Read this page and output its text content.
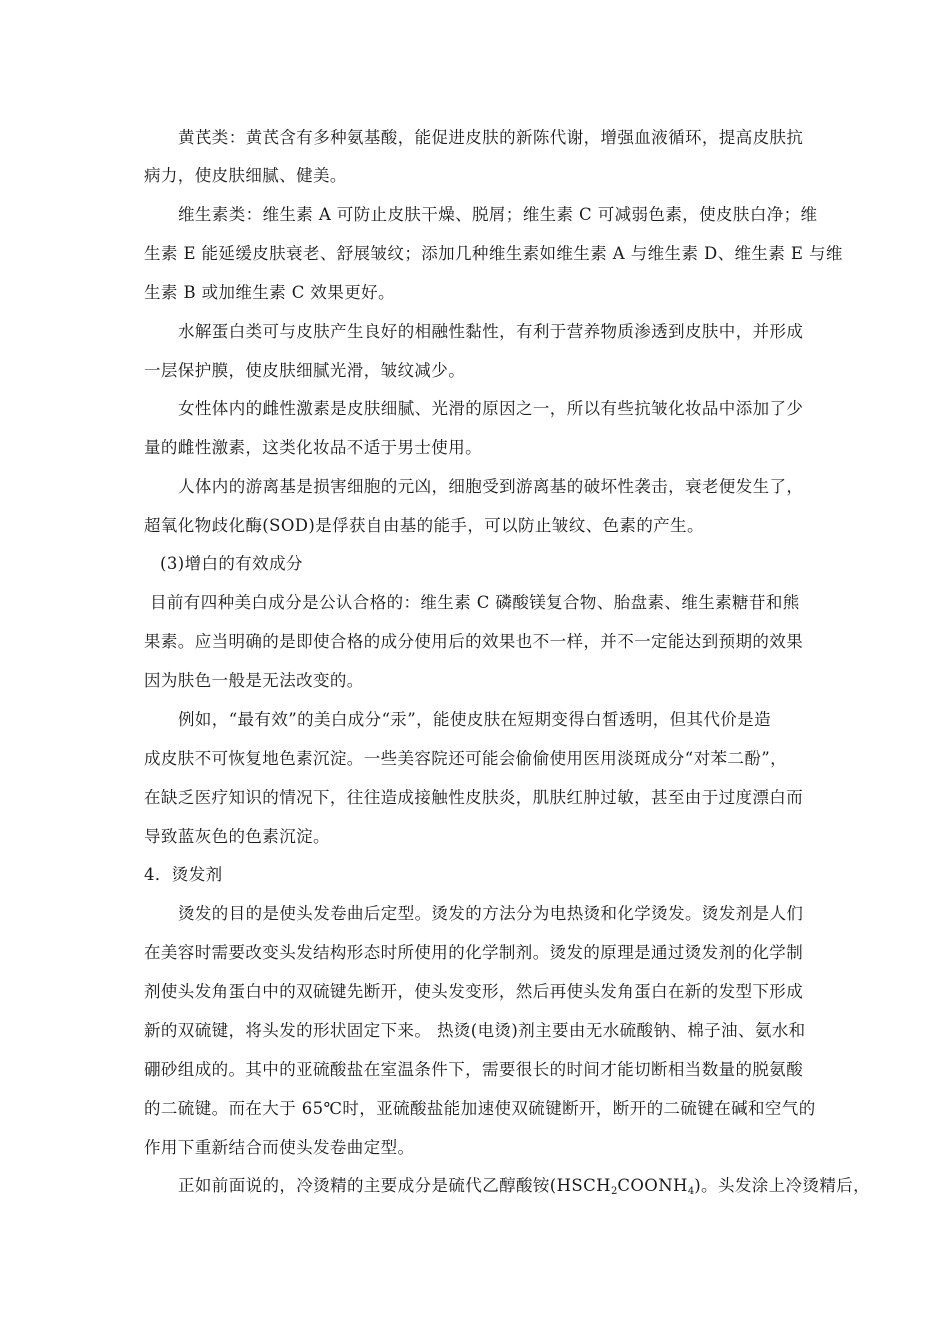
黄芪类：黄芪含有多种氨基酸，能促进皮肤的新陈代谢，增强血液循环，提高皮肤抗
病力，使皮肤细腻、健美。
维生素类：维生素 A 可防止皮肤干燥、脱屑；维生素 C 可减弱色素，使皮肤白净；维
生素 E 能延缓皮肤衰老、舒展皱纹；添加几种维生素如维生素 A 与维生素 D、维生素 E 与维
生素 B 或加维生素 C 效果更好。
水解蛋白类可与皮肤产生良好的相融性黏性，有利于营养物质渗透到皮肤中，并形成
一层保护膜，使皮肤细腻光滑，皱纹减少。
女性体内的雌性激素是皮肤细腻、光滑的原因之一，所以有些抗皱化妆品中添加了少
量的雌性激素，这类化妆品不适于男士使用。
人体内的游离基是损害细胞的元凶，细胞受到游离基的破坏性袭击，衰老便发生了，
超氧化物歧化酶(SOD)是俘获自由基的能手，可以防止皱纹、色素的产生。
(3)增白的有效成分
目前有四种美白成分是公认合格的：维生素 C 磷酸镁复合物、胎盘素、维生素糖苷和熊
果素。应当明确的是即使合格的成分使用后的效果也不一样，并不一定能达到预期的效果
因为肤色一般是无法改变的。
例如，“最有效”的美白成分“汞”，能使皮肤在短期变得白皙透明，但其代价是造
成皮肤不可恢复地色素沉淀。一些美容院还可能会偷偷使用医用淡斑成分“对苯二酚”，
在缺乏医疗知识的情况下，往往造成接触性皮肤炎，肌肤红肿过敏，甚至由于过度漂白而
导致蓝灰色的色素沉淀。
4．烫发剂
烫发的目的是使头发卷曲后定型。烫发的方法分为电热烫和化学烫发。烫发剂是人们
在美容时需要改变头发结构形态时所使用的化学制剂。烫发的原理是通过烫发剂的化学制
剂使头发角蛋白中的双硫键先断开，使头发变形，然后再使头发角蛋白在新的发型下形成
新的双硫键，将头发的形状固定下来。 热烫(电烫)剂主要由无水硫酸钠、棉子油、氨水和
硼砂组成的。其中的亚硫酸盐在室温条件下，需要很长的时间才能切断相当数量的脱氨酸
的二硫键。而在大于 65℃时，亚硫酸盐能加速使双硫键断开，断开的二硫键在碱和空气的
作用下重新结合而使头发卷曲定型。
正如前面说的，冷烫精的主要成分是硫代乙醇酸铵$(HSCH_2COONH_4)$。头发涂上冷烫精后，
